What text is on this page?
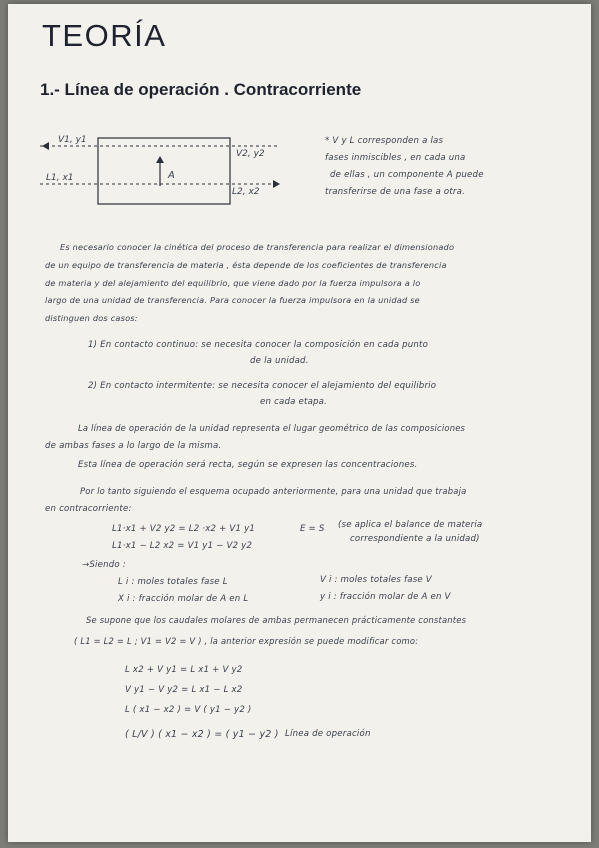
TEORÍA
1.- Línea de operación . Contracorriente
V1, y1
V2, y2
L1, x1
L2, x2
A
* V y L corresponden a las
fases inmiscibles , en cada una
de ellas , un componente A puede
transferirse de una fase a otra.
Es necesario conocer la cinética del proceso de transferencia para realizar el dimensionado
de un equipo de transferencia de materia , ésta depende de los coeficientes de transferencia
de materia y del alejamiento del equilibrio, que viene dado por la fuerza impulsora a lo
largo de una unidad de transferencia. Para conocer la fuerza impulsora en la unidad se
distinguen dos casos:
1) En contacto continuo: se necesita conocer la composición en cada punto
de la unidad.
2) En contacto intermitente: se necesita conocer el alejamiento del equilibrio
en cada etapa.
La línea de operación de la unidad representa el lugar geométrico de las composiciones
de ambas fases a lo largo de la misma.
Esta línea de operación será recta, según se expresen las concentraciones.
Por lo tanto siguiendo el esquema ocupado anteriormente, para una unidad que trabaja
en contracorriente:
L1·x1 + V2 y2 = L2 ·x2 + V1 y1
L1·x1 − L2 x2 = V1 y1 − V2 y2
E = S (se aplica el balance de materia
correspondiente a la unidad)
→Siendo :
L i : moles totales fase L
X i : fracción molar de A en L
V i : moles totales fase V
y i : fracción molar de A en V
Se supone que los caudales molares de ambas permanecen prácticamente constantes
( L1 = L2 = L ; V1 = V2 = V ) , la anterior expresión se puede modificar como:
L x2 + V y1 = L x1 + V y2
V y1 − V y2 = L x1 − L x2
L ( x1 − x2 ) = V ( y1 − y2 )
( L/V ) ( x1 − x2 ) = ( y1 − y2 ) Línea de operación
